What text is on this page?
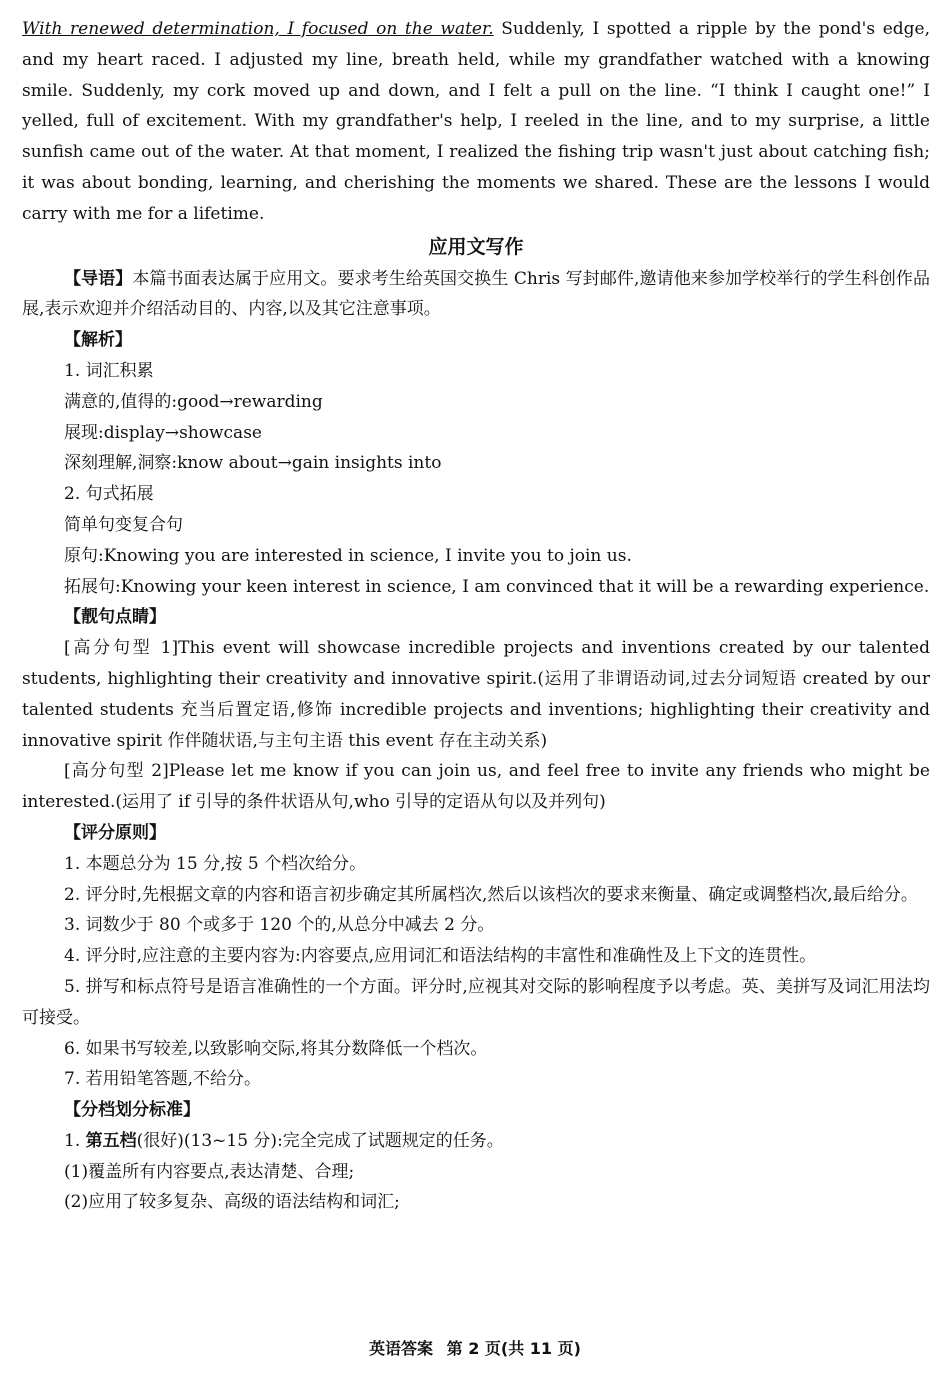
With renewed determination, I focused on the water. Suddenly, I spotted a ripple by the pond's edge, and my heart raced. I adjusted my line, breath held, while my grandfather watched with a knowing smile. Suddenly, my cork moved up and down, and I felt a pull on the line. “I think I caught one!” I yelled, full of excitement. With my grandfather's help, I reeled in the line, and to my surprise, a little sunfish came out of the water. At that moment, I realized the fishing trip wasn't just about catching fish; it was about bonding, learning, and cherishing the moments we shared. These are the lessons I would carry with me for a lifetime.

应用文写作

【导语】本篇书面表达属于应用文。要求考生给英国交换生 Chris 写封邮件,邀请他来参加学校举行的学生科创作品展,表示欢迎并介绍活动目的、内容,以及其它注意事项。

【解析】

1. 词汇积累

满意的,值得的:good→rewarding

展现:display→showcase

深刻理解,洞察:know about→gain insights into

2. 句式拓展

简单句变复合句

原句:Knowing you are interested in science, I invite you to join us.

拓展句:Knowing your keen interest in science, I am convinced that it will be a rewarding experience.

【靓句点睛】

[高分句型 1]This event will showcase incredible projects and inventions created by our talented students, highlighting their creativity and innovative spirit.(运用了非谓语动词,过去分词短语 created by our talented students 充当后置定语,修饰 incredible projects and inventions; highlighting their creativity and innovative spirit 作伴随状语,与主句主语 this event 存在主动关系)

[高分句型 2]Please let me know if you can join us, and feel free to invite any friends who might be interested.(运用了 if 引导的条件状语从句,who 引导的定语从句以及并列句)

【评分原则】

1. 本题总分为 15 分,按 5 个档次给分。

2. 评分时,先根据文章的内容和语言初步确定其所属档次,然后以该档次的要求来衡量、确定或调整档次,最后给分。

3. 词数少于 80 个或多于 120 个的,从总分中减去 2 分。

4. 评分时,应注意的主要内容为:内容要点,应用词汇和语法结构的丰富性和准确性及上下文的连贯性。

5. 拼写和标点符号是语言准确性的一个方面。评分时,应视其对交际的影响程度予以考虑。英、美拼写及词汇用法均可接受。

6. 如果书写较差,以致影响交际,将其分数降低一个档次。

7. 若用铅笔答题,不给分。

【分档划分标准】

1. 第五档(很好)(13~15 分):完全完成了试题规定的任务。

(1)覆盖所有内容要点,表达清楚、合理;

(2)应用了较多复杂、高级的语法结构和词汇;

英语答案 第 2 页(共 11 页)
